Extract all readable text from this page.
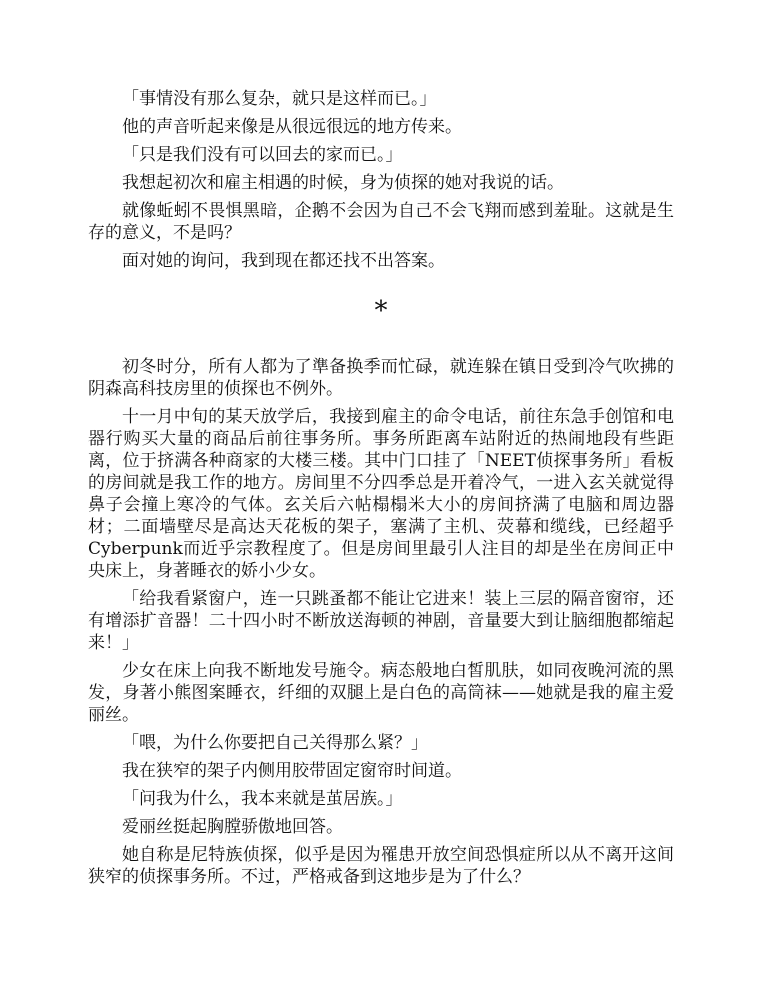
「事情没有那么复杂，就只是这样而已。」

他的声音听起来像是从很远很远的地方传来。

「只是我们没有可以回去的家而已。」

我想起初次和雇主相遇的时候，身为侦探的她对我说的话。

就像蚯蚓不畏惧黑暗，企鹅不会因为自己不会飞翔而感到羞耻。这就是生存的意义，不是吗？

面对她的询问，我到现在都还找不出答案。

*

初冬时分，所有人都为了準备换季而忙碌，就连躲在镇日受到冷气吹拂的阴森高科技房里的侦探也不例外。

十一月中旬的某天放学后，我接到雇主的命令电话，前往东急手创馆和电器行购买大量的商品后前往事务所。事务所距离车站附近的热闹地段有些距离，位于挤满各种商家的大楼三楼。其中门口挂了「NEET侦探事务所」看板的房间就是我工作的地方。房间里不分四季总是开着冷气，一进入玄关就觉得鼻子会撞上寒冷的气体。玄关后六帖榻榻米大小的房间挤满了电脑和周边器材；二面墙壁尽是高达天花板的架子，塞满了主机、荧幕和缆线，已经超乎Cyberpunk而近乎宗教程度了。但是房间里最引人注目的却是坐在房间正中央床上，身著睡衣的娇小少女。

「给我看紧窗户，连一只跳蚤都不能让它进来！装上三层的隔音窗帘，还有增添扩音器！二十四小时不断放送海顿的神剧，音量要大到让脑细胞都缩起来！」

少女在床上向我不断地发号施令。病态般地白皙肌肤，如同夜晚河流的黑发，身著小熊图案睡衣，纤细的双腿上是白色的高筒袜——她就是我的雇主爱丽丝。

「喂，为什么你要把自己关得那么紧？」

我在狭窄的架子内侧用胶带固定窗帘时间道。

「问我为什么，我本来就是茧居族。」

爱丽丝挺起胸膛骄傲地回答。

她自称是尼特族侦探，似乎是因为罹患开放空间恐惧症所以从不离开这间狭窄的侦探事务所。不过，严格戒备到这地步是为了什么？
